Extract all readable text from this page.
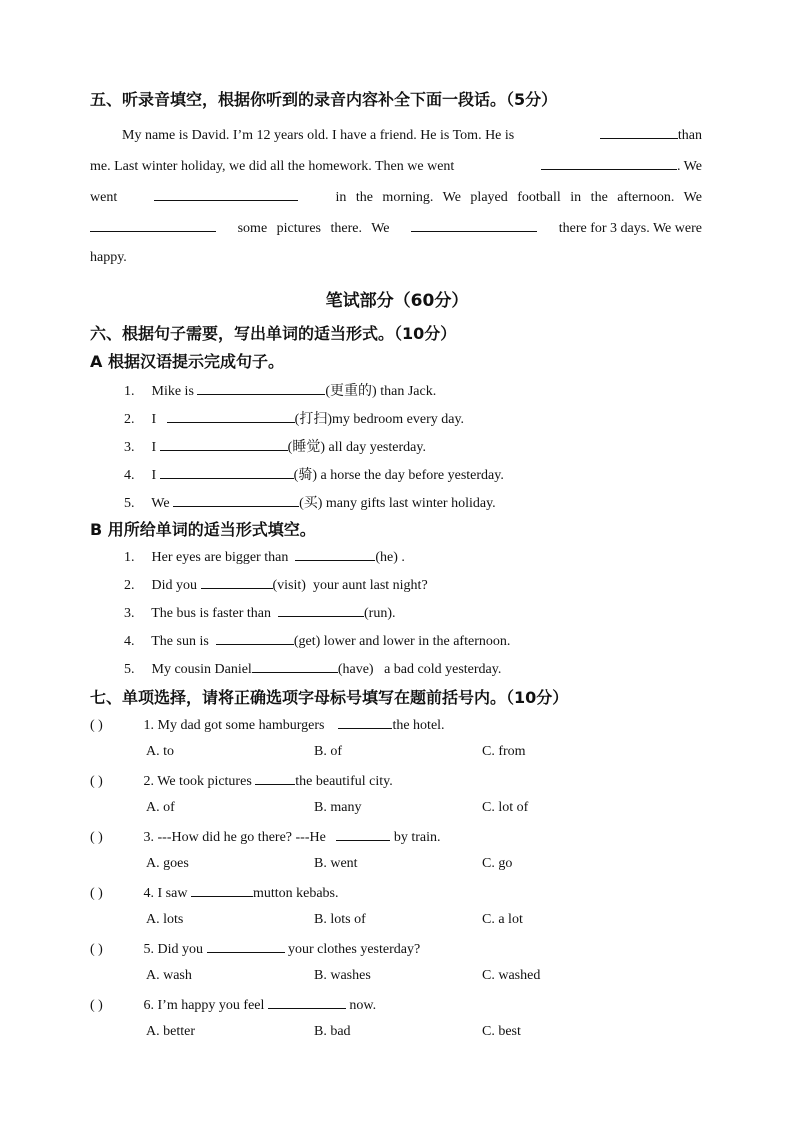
五、听录音填空，根据你听到的录音内容补全下面一段话。（5分）
My name is David. I’m 12 years old. I have a friend. He is Tom. He is	than
me. Last winter holiday, we did all the homework. Then we went	. We
went	in the morning. We played football in the afternoon. We
some pictures there. We	there for 3 days. We were
happy.
笔试部分（60分）
六、根据句子需要，写出单词的适当形式。（10分）
A 根据汉语提示完成句子。
1. Mike is	(更重的) than Jack.
2. I	(打扫)my bedroom every day.
3. I	(睡觉) all day yesterday.
4. I	(骑) a horse the day before yesterday.
5. We	(买) many gifts last winter holiday.
B 用所给单词的适当形式填空。
1. Her eyes are bigger than	(he) .
2. Did you	(visit) your aunt last night?
3. The bus is faster than	(run).
4. The sun is	(get) lower and lower in the afternoon.
5. My cousin Daniel	(have) a bad cold yesterday.
七、单项选择，请将正确选项字母标号填写在题前括号内。（10分）
( )	1. My dad got some hamburgers	the hotel.
A. to	B. of	C. from
( )	2. We took pictures	the beautiful city.
A. of	B. many	C. lot of
( )	3. ---How did he go there? ---He	by train.
A. goes	B. went	C. go
( )	4. I saw	mutton kebabs.
A. lots	B. lots of	C. a lot
( )	5. Did you	your clothes yesterday?
A. wash	B. washes	C. washed
( )	6. I’m happy you feel	now.
A. better	B. bad	C. best
